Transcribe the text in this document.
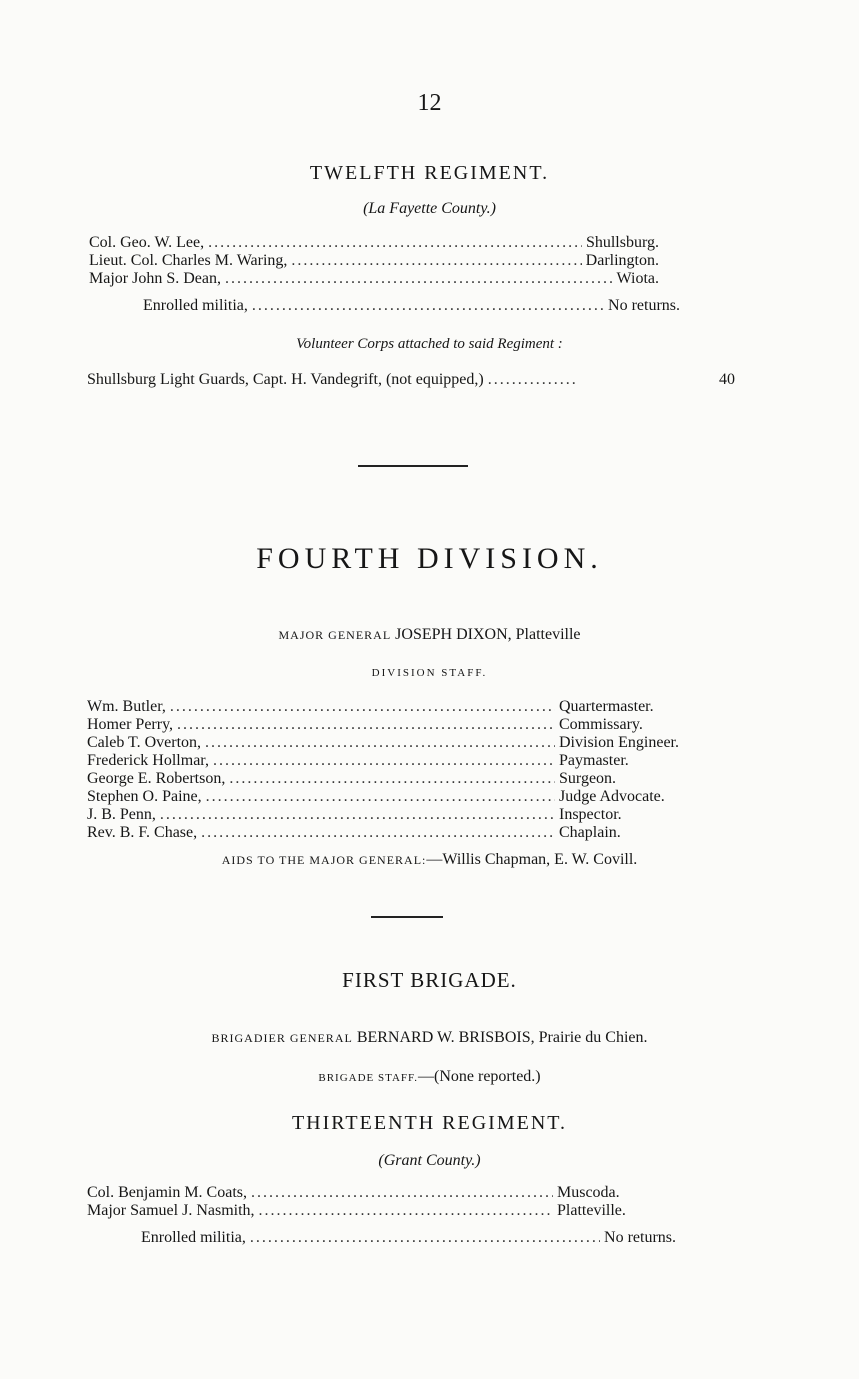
12
TWELFTH REGIMENT.
(La Fayette County.)
Col. Geo. W. Lee, . . .	Shullsburg.
Lieut. Col. Charles M. Waring, . . .	Darlington.
Major John S. Dean, . . .	Wiota.
Enrolled militia, . . .	No returns.
Volunteer Corps attached to said Regiment :
Shullsburg Light Guards, Capt. H. Vandegrift, (not equipped,) . . .	40
FOURTH DIVISION.
MAJOR GENERAL JOSEPH DIXON, Platteville
DIVISION STAFF.
Wm. Butler, . . .	Quartermaster.
Homer Perry, . . .	Commissary.
Caleb T. Overton, . . .	Division Engineer.
Frederick Hollmar, . . .	Paymaster.
George E. Robertson, . . .	Surgeon.
Stephen O. Paine, . . .	Judge Advocate.
J. B. Penn, . . .	Inspector.
Rev. B. F. Chase, . . .	Chaplain.
AIDS TO THE MAJOR GENERAL:—Willis Chapman, E. W. Covill.
FIRST BRIGADE.
BRIGADIER GENERAL BERNARD W. BRISBOIS, Prairie du Chien.
BRIGADE STAFF.—(None reported.)
THIRTEENTH REGIMENT.
(Grant County.)
Col. Benjamin M. Coats, . . .	Muscoda.
Major Samuel J. Nasmith, . . .	Platteville.
Enrolled militia, . . .	No returns.
